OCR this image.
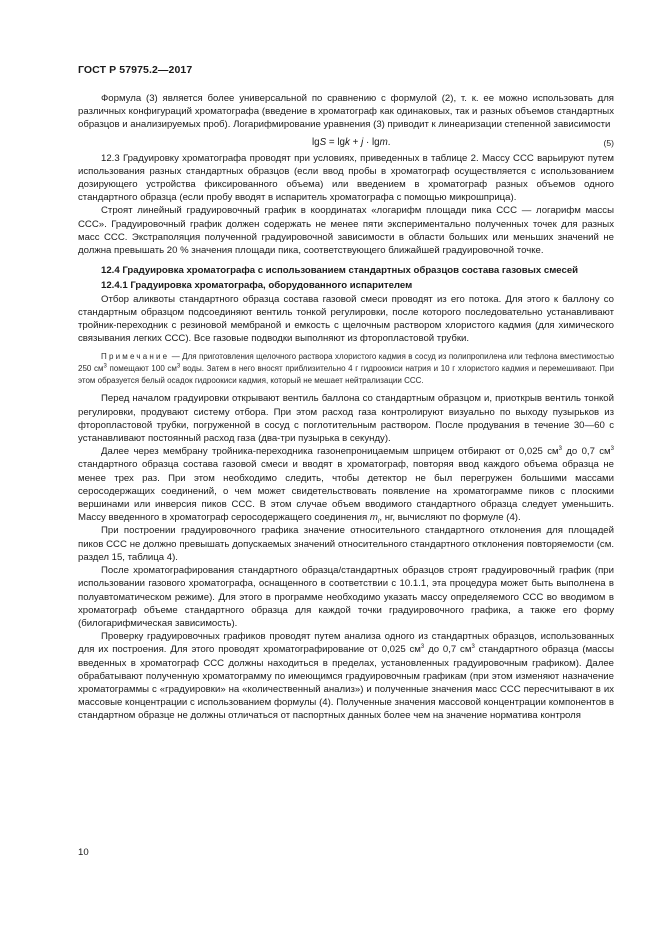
ГОСТ Р 57975.2—2017

Формула (3) является более универсальной по сравнению с формулой (2), т. к. ее можно использовать для различных конфигураций хроматографа (введение в хроматограф как одинаковых, так и разных объемов стандартных образцов и анализируемых проб). Логарифмирование уравнения (3) приводит к линеаризации степенной зависимости

lgS = lgk + j · lgm.	(5)

12.3 Градуировку хроматографа проводят при условиях, приведенных в таблице 2. Массу ССС варьируют путем использования разных стандартных образцов (если ввод пробы в хроматограф осуществляется с использованием дозирующего устройства фиксированного объема) или введением в хроматограф разных объемов одного стандартного образца (если пробу вводят в испаритель хроматографа с помощью микрошприца).

Строят линейный градуировочный график в координатах «логарифм площади пика ССС — логарифм массы ССС». Градуировочный график должен содержать не менее пяти экспериментально полученных точек для разных масс ССС. Экстраполяция полученной градуировочной зависимости в области больших или меньших значений не должна превышать 20 % значения площади пика, соответствующего ближайшей градуировочной точке.

12.4 Градуировка хроматографа с использованием стандартных образцов состава газовых смесей
12.4.1 Градуировка хроматографа, оборудованного испарителем

Отбор аликвоты стандартного образца состава газовой смеси проводят из его потока. Для этого к баллону со стандартным образцом подсоединяют вентиль тонкой регулировки, после которого последовательно устанавливают тройник-переходник с резиновой мембраной и емкость с щелочным раствором хлористого кадмия (для химического связывания легких ССС). Все газовые подводки выполняют из фторопластовой трубки.

Примечание — Для приготовления щелочного раствора хлористого кадмия в сосуд из полипропилена или тефлона вместимостью 250 $см^3$ помещают 100 $см^3$ воды. Затем в него вносят приблизительно 4 г гидроокиси натрия и 10 г хлористого кадмия и перемешивают. При этом образуется белый осадок гидроокиси кадмия, который не мешает нейтрализации ССС.

Перед началом градуировки открывают вентиль баллона со стандартным образцом и, приоткрыв вентиль тонкой регулировки, продувают систему отбора. При этом расход газа контролируют визуально по выходу пузырьков из фторопластовой трубки, погруженной в сосуд с поглотительным раствором. После продувания в течение 30—60 с устанавливают постоянный расход газа (два-три пузырька в секунду).

Далее через мембрану тройника-переходника газонепроницаемым шприцем отбирают от 0,025 $см^3$ до 0,7 $см^3$ стандартного образца состава газовой смеси и вводят в хроматограф, повторяя ввод каждого объема образца не менее трех раз. При этом необходимо следить, чтобы детектор не был перегружен большими массами серосодержащих соединений, о чем может свидетельствовать появление на хроматограмме пиков с плоскими вершинами или инверсия пиков ССС. В этом случае объем вводимого стандартного образца следует уменьшить. Массу введенного в хроматограф серосодержащего соединения $m_i$, нг, вычисляют по формуле (4).

При построении градуировочного графика значение относительного стандартного отклонения для площадей пиков ССС не должно превышать допускаемых значений относительного стандартного отклонения повторяемости (см. раздел 15, таблица 4).

После хроматографирования стандартного образца/стандартных образцов строят градуировочный график (при использовании газового хроматографа, оснащенного в соответствии с 10.1.1, эта процедура может быть выполнена в полуавтоматическом режиме). Для этого в программе необходимо указать массу определяемого ССС во вводимом в хроматограф объеме стандартного образца для каждой точки градуировочного графика, а также его форму (билогарифмическая зависимость).

Проверку градуировочных графиков проводят путем анализа одного из стандартных образцов, использованных для их построения. Для этого проводят хроматографирование от 0,025 $см^3$ до 0,7 $см^3$ стандартного образца (массы введенных в хроматограф ССС должны находиться в пределах, установленных градуировочным графиком). Далее обрабатывают полученную хроматограмму по имеющимся градуировочным графикам (при этом изменяют назначение хроматограммы с «градуировки» на «количественный анализ») и полученные значения масс ССС пересчитывают в их массовые концентрации с использованием формулы (4). Полученные значения массовой концентрации компонентов в стандартном образце не должны отличаться от паспортных данных более чем на значение норматива контроля

10
